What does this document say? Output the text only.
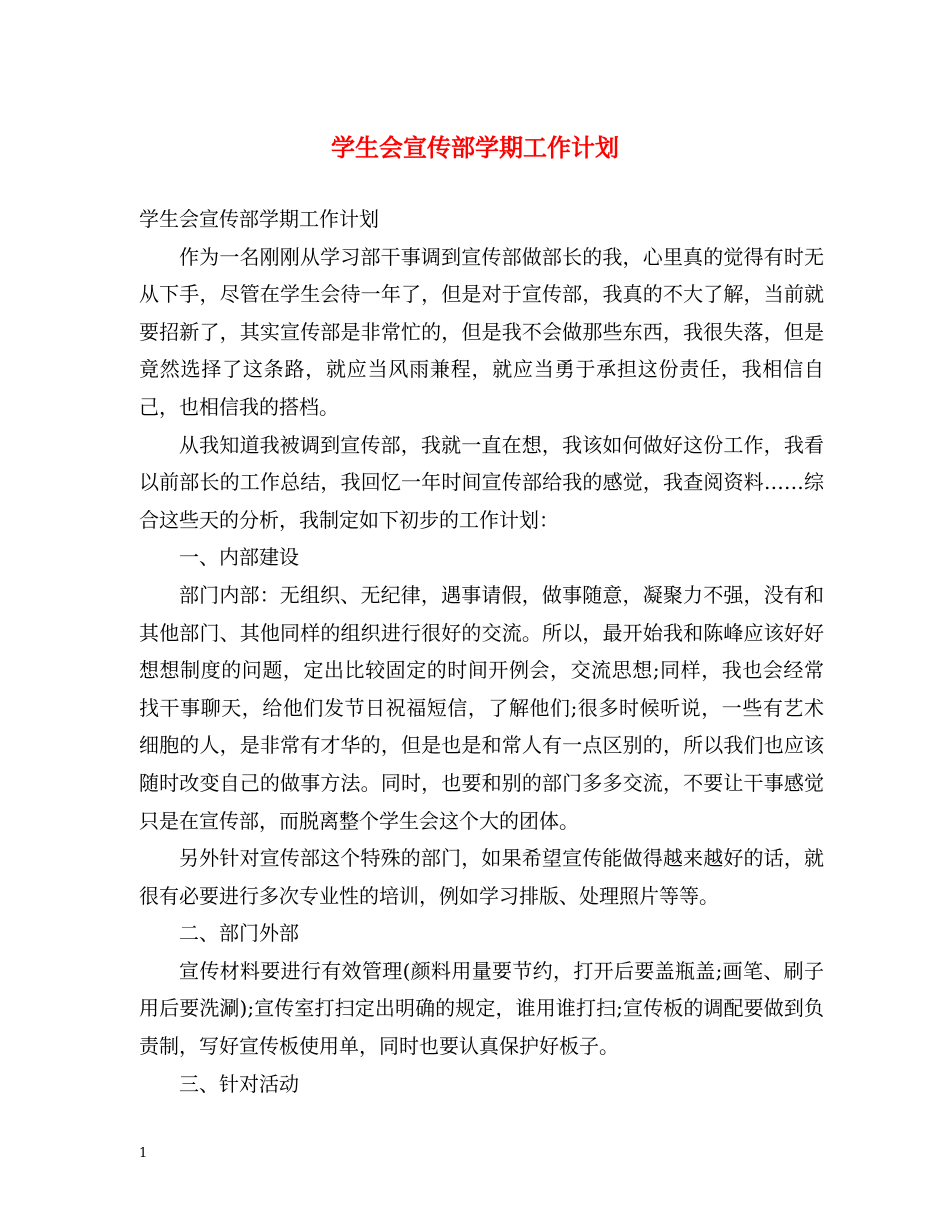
学生会宣传部学期工作计划

学生会宣传部学期工作计划

作为一名刚刚从学习部干事调到宣传部做部长的我，心里真的觉得有时无从下手，尽管在学生会待一年了，但是对于宣传部，我真的不大了解，当前就要招新了，其实宣传部是非常忙的，但是我不会做那些东西，我很失落，但是竟然选择了这条路，就应当风雨兼程，就应当勇于承担这份责任，我相信自己，也相信我的搭档。

从我知道我被调到宣传部，我就一直在想，我该如何做好这份工作，我看以前部长的工作总结，我回忆一年时间宣传部给我的感觉，我查阅资料……综合这些天的分析，我制定如下初步的工作计划：

一、内部建设

部门内部：无组织、无纪律，遇事请假，做事随意，凝聚力不强，没有和其他部门、其他同样的组织进行很好的交流。所以，最开始我和陈峰应该好好想想制度的问题，定出比较固定的时间开例会，交流思想;同样，我也会经常找干事聊天，给他们发节日祝福短信，了解他们;很多时候听说，一些有艺术细胞的人，是非常有才华的，但是也是和常人有一点区别的，所以我们也应该随时改变自己的做事方法。同时，也要和别的部门多多交流，不要让干事感觉只是在宣传部，而脱离整个学生会这个大的团体。

另外针对宣传部这个特殊的部门，如果希望宣传能做得越来越好的话，就很有必要进行多次专业性的培训，例如学习排版、处理照片等等。

二、部门外部

宣传材料要进行有效管理(颜料用量要节约，打开后要盖瓶盖;画笔、刷子用后要洗涮);宣传室打扫定出明确的规定，谁用谁打扫;宣传板的调配要做到负责制，写好宣传板使用单，同时也要认真保护好板子。

三、针对活动

1
